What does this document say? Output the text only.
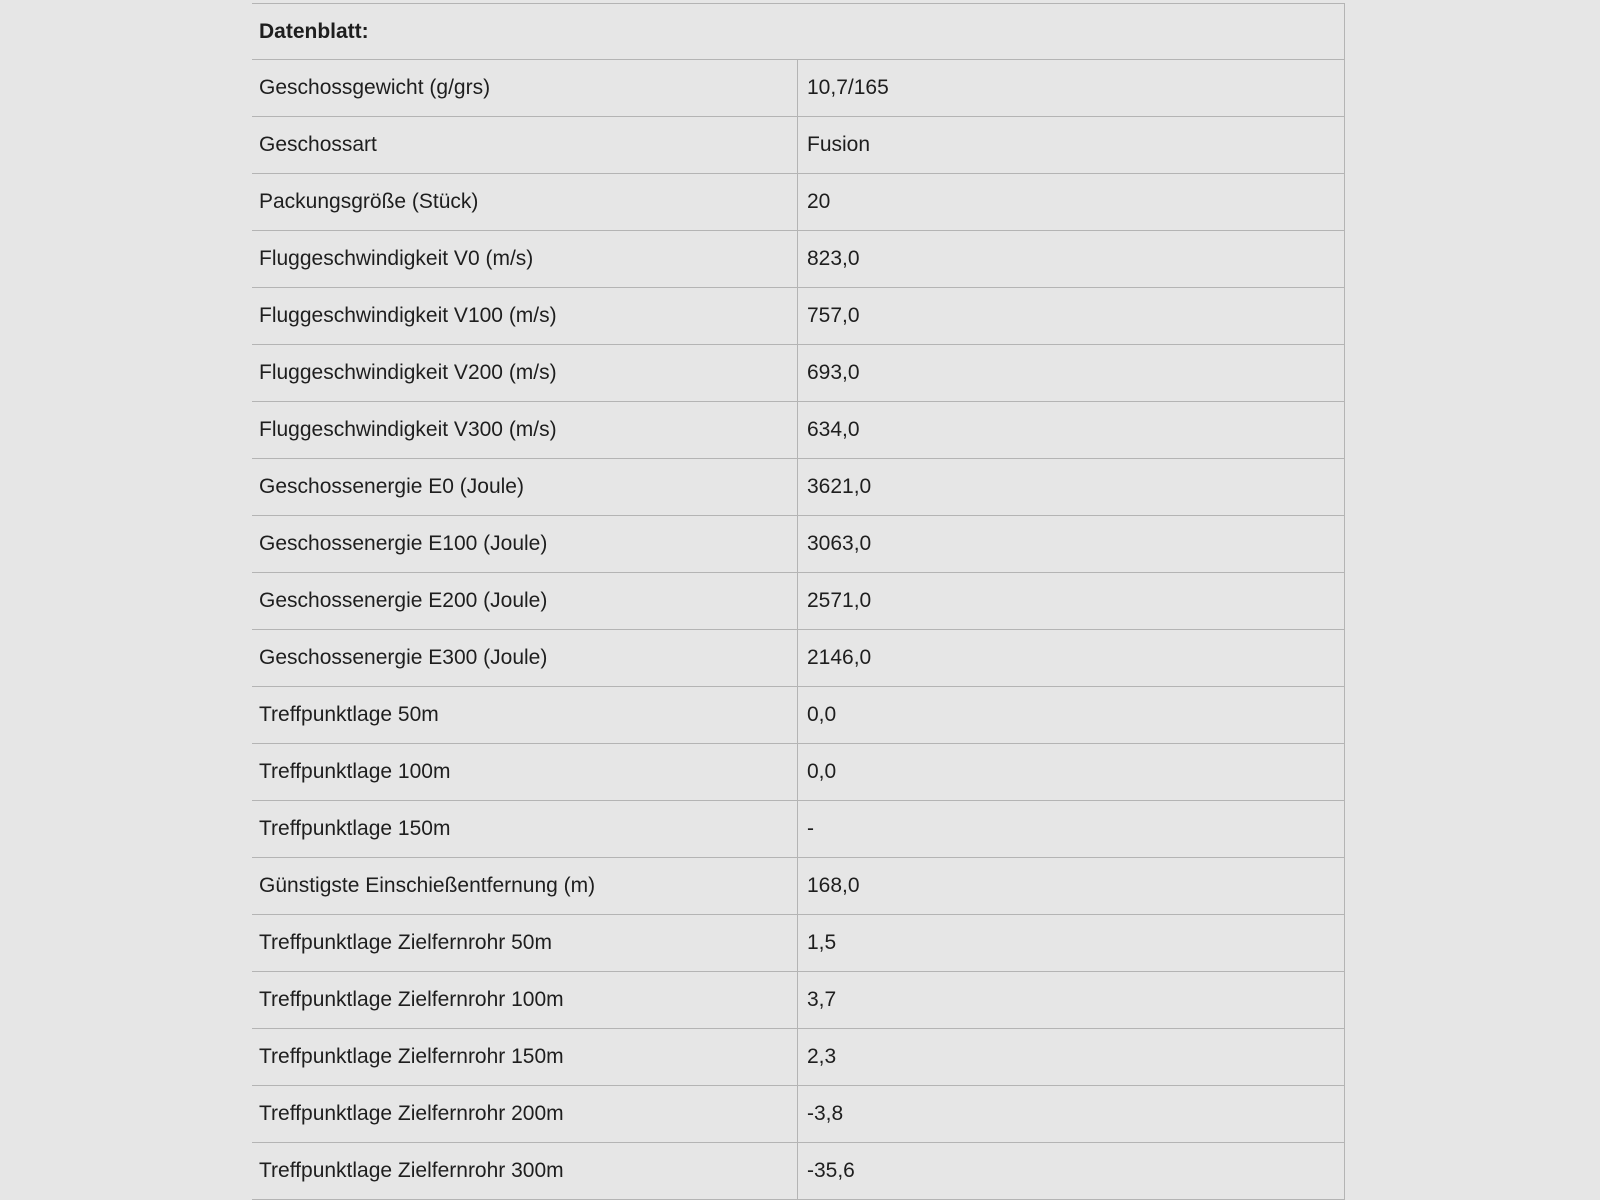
Datenblatt:
Geschossgewicht (g/grs)	10,7/165
Geschossart	Fusion
Packungsgröße (Stück)	20
Fluggeschwindigkeit V0 (m/s)	823,0
Fluggeschwindigkeit V100 (m/s)	757,0
Fluggeschwindigkeit V200 (m/s)	693,0
Fluggeschwindigkeit V300 (m/s)	634,0
Geschossenergie E0 (Joule)	3621,0
Geschossenergie E100 (Joule)	3063,0
Geschossenergie E200 (Joule)	2571,0
Geschossenergie E300 (Joule)	2146,0
Treffpunktlage 50m	0,0
Treffpunktlage 100m	0,0
Treffpunktlage 150m	-
Günstigste Einschießentfernung (m)	168,0
Treffpunktlage Zielfernrohr 50m	1,5
Treffpunktlage Zielfernrohr 100m	3,7
Treffpunktlage Zielfernrohr 150m	2,3
Treffpunktlage Zielfernrohr 200m	-3,8
Treffpunktlage Zielfernrohr 300m	-35,6
